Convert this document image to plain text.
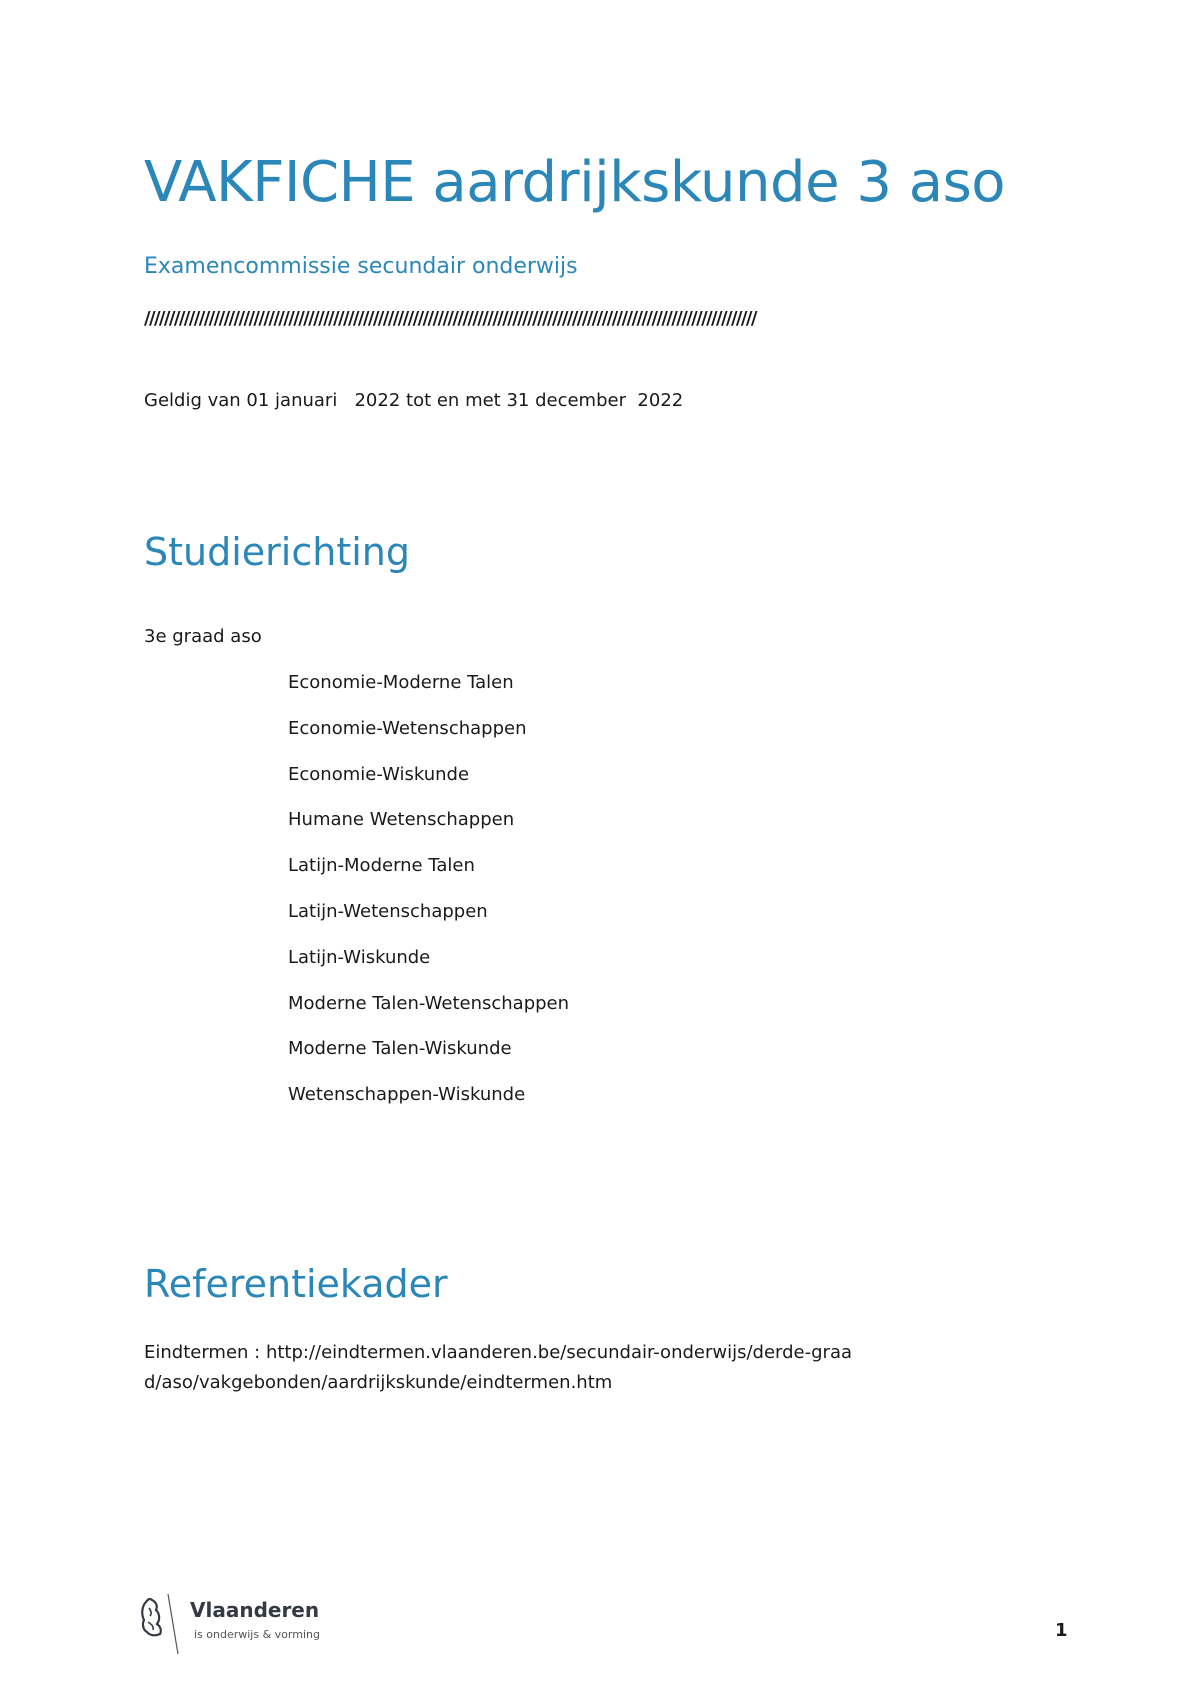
VAKFICHE aardrijkskunde 3 aso
Examencommissie secundair onderwijs
///////////////////////////////////////////////////////////////////////////////////////////////////////////////////////////
Geldig van 01 januari   2022 tot en met 31 december  2022
Studierichting
3e graad aso
Economie-Moderne Talen
Economie-Wetenschappen
Economie-Wiskunde
Humane Wetenschappen
Latijn-Moderne Talen
Latijn-Wetenschappen
Latijn-Wiskunde
Moderne Talen-Wetenschappen
Moderne Talen-Wiskunde
Wetenschappen-Wiskunde
Referentiekader
Eindtermen : http://eindtermen.vlaanderen.be/secundair-onderwijs/derde-graad/aso/vakgebonden/aardrijkskunde/eindtermen.htm
Vlaanderen
is onderwijs & vorming	1
